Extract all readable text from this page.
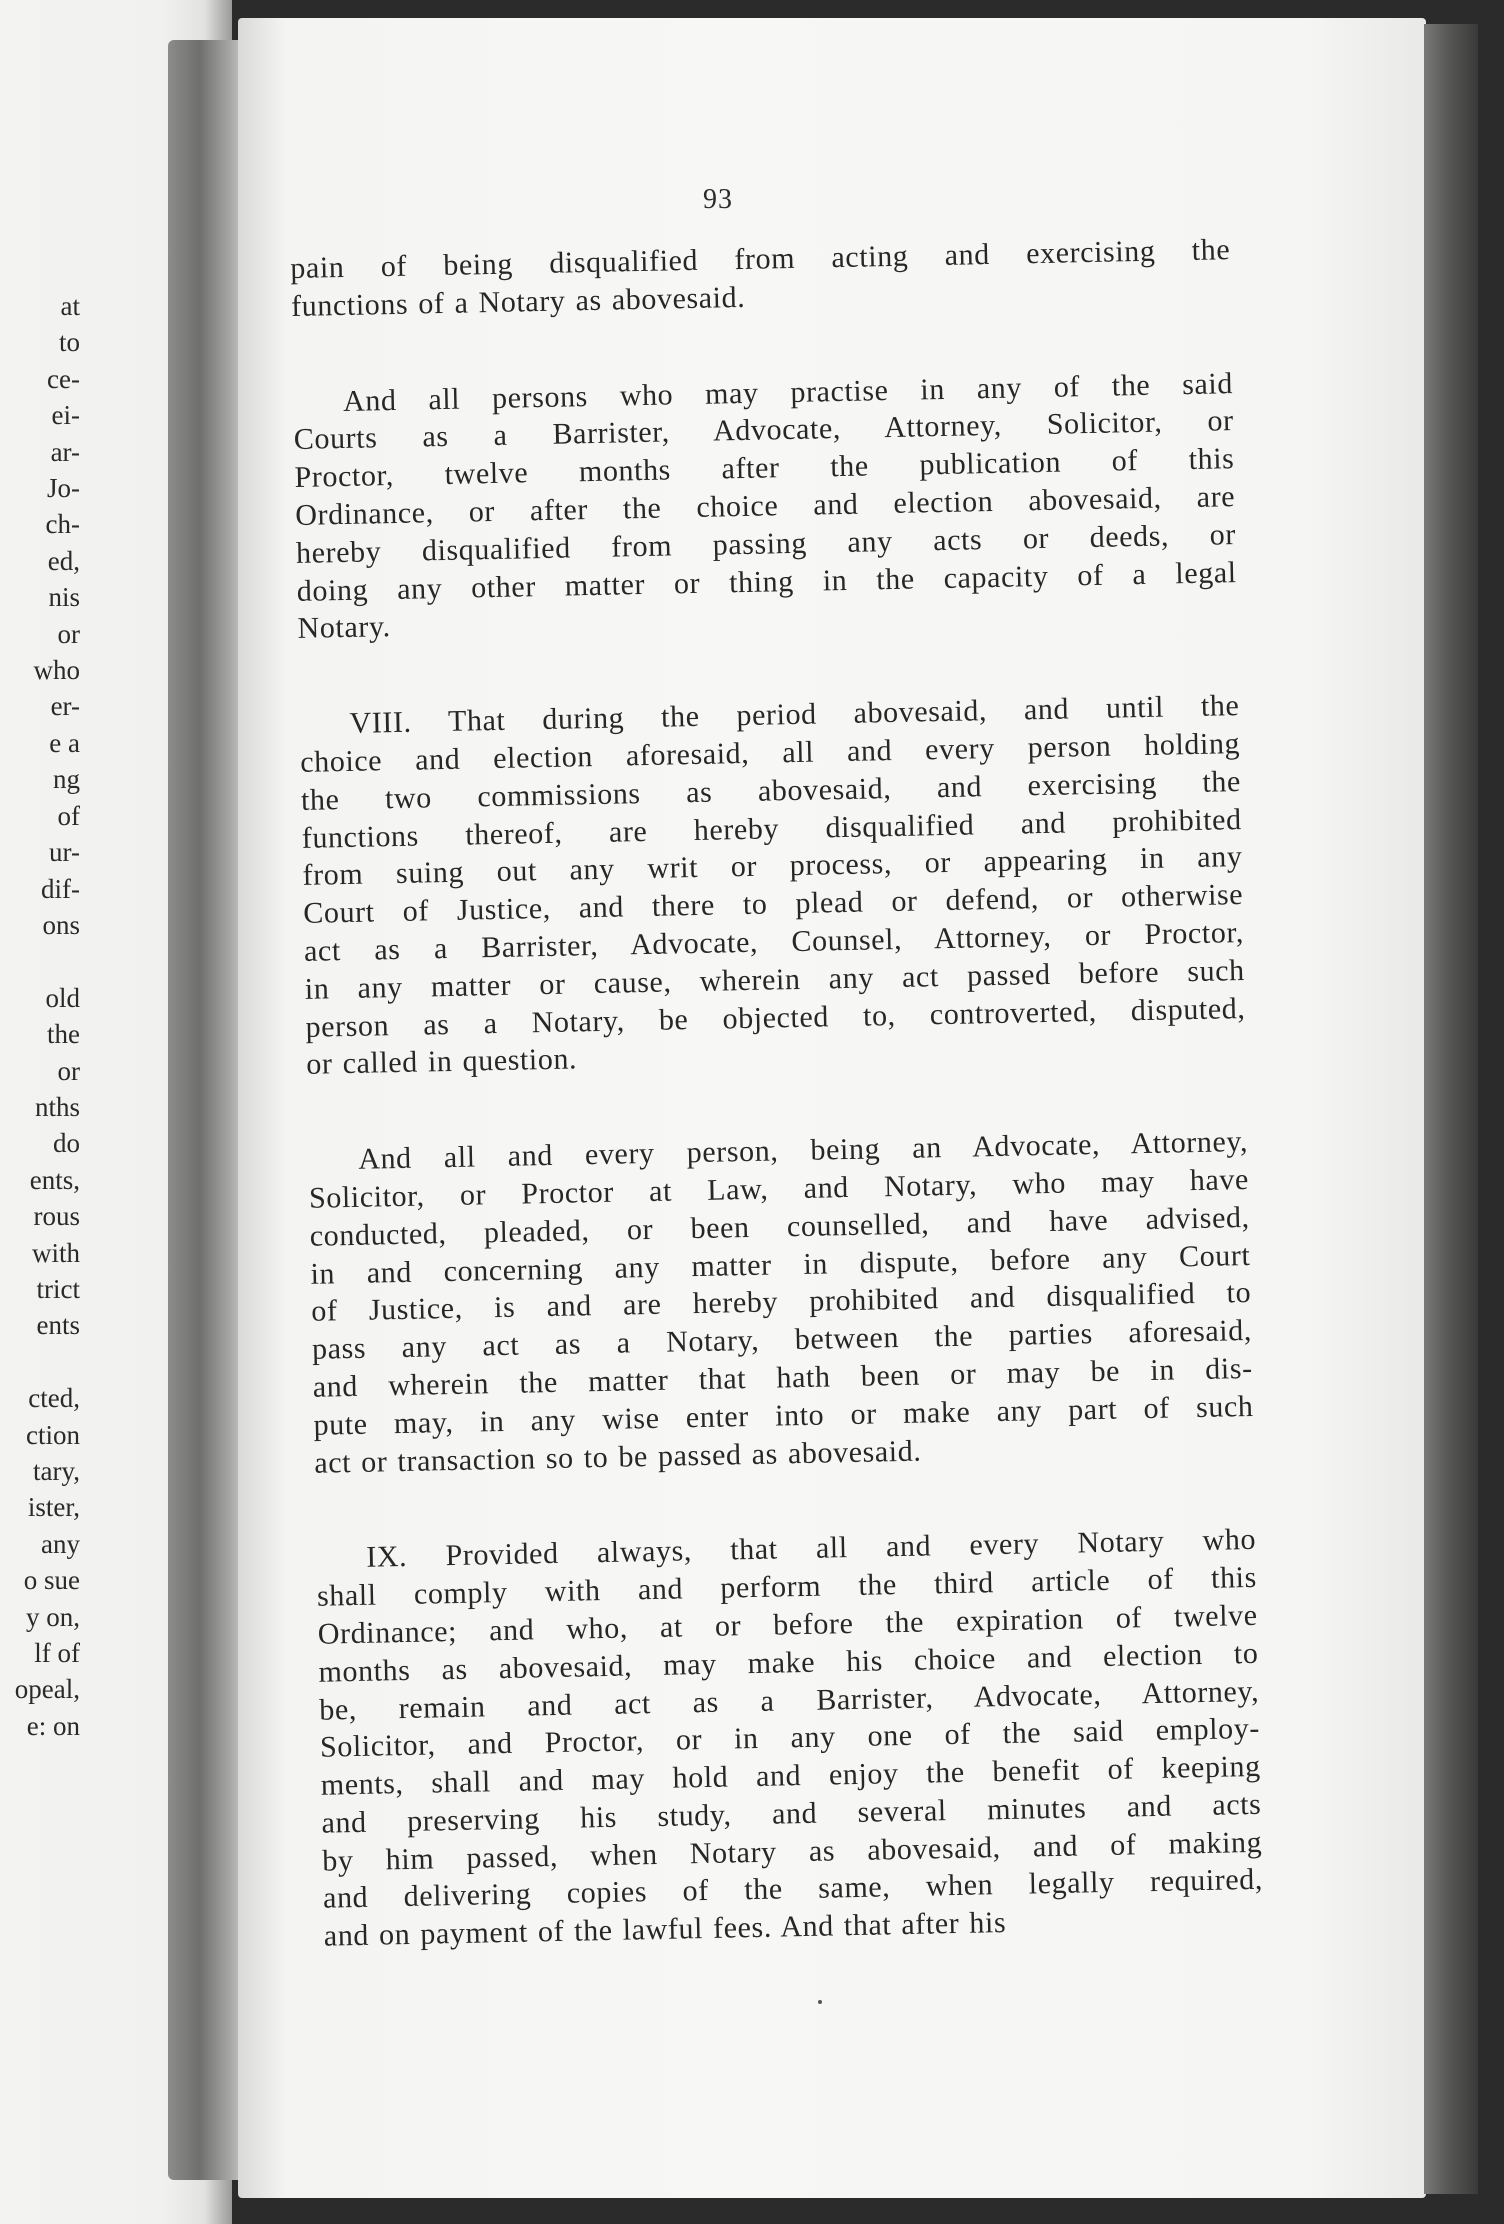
at
to
ce-
ei-
ar-
Jo-
ch-
ed,
nis
or
who
er-
e a
ng
of
ur-
dif-
ons

old
the
or
nths
do
ents,
rous
with
trict
ents

cted,
ction
tary,
ister,
any
o sue
y on,
lf of
opeal,
e: on
93
pain of being disqualified from acting and exercising the
functions of a Notary as abovesaid.
And all persons who may practise in any of the said
Courts as a Barrister, Advocate, Attorney, Solicitor, or
Proctor, twelve months after the publication of this
Ordinance, or after the choice and election abovesaid, are
hereby disqualified from passing any acts or deeds, or
doing any other matter or thing in the capacity of a legal
Notary.
VIII. That during the period abovesaid, and until the
choice and election aforesaid, all and every person holding
the two commissions as abovesaid, and exercising the
functions thereof, are hereby disqualified and prohibited
from suing out any writ or process, or appearing in any
Court of Justice, and there to plead or defend, or otherwise
act as a Barrister, Advocate, Counsel, Attorney, or Proctor,
in any matter or cause, wherein any act passed before such
person as a Notary, be objected to, controverted, disputed,
or called in question.
And all and every person, being an Advocate, Attorney,
Solicitor, or Proctor at Law, and Notary, who may have
conducted, pleaded, or been counselled, and have advised,
in and concerning any matter in dispute, before any Court
of Justice, is and are hereby prohibited and disqualified to
pass any act as a Notary, between the parties aforesaid,
and wherein the matter that hath been or may be in dis-
pute may, in any wise enter into or make any part of such
act or transaction so to be passed as abovesaid.
IX. Provided always, that all and every Notary who
shall comply with and perform the third article of this
Ordinance; and who, at or before the expiration of twelve
months as abovesaid, may make his choice and election to
be, remain and act as a Barrister, Advocate, Attorney,
Solicitor, and Proctor, or in any one of the said employ-
ments, shall and may hold and enjoy the benefit of keeping
and preserving his study, and several minutes and acts
by him passed, when Notary as abovesaid, and of making
and delivering copies of the same, when legally required,
and on payment of the lawful fees. And that after his
